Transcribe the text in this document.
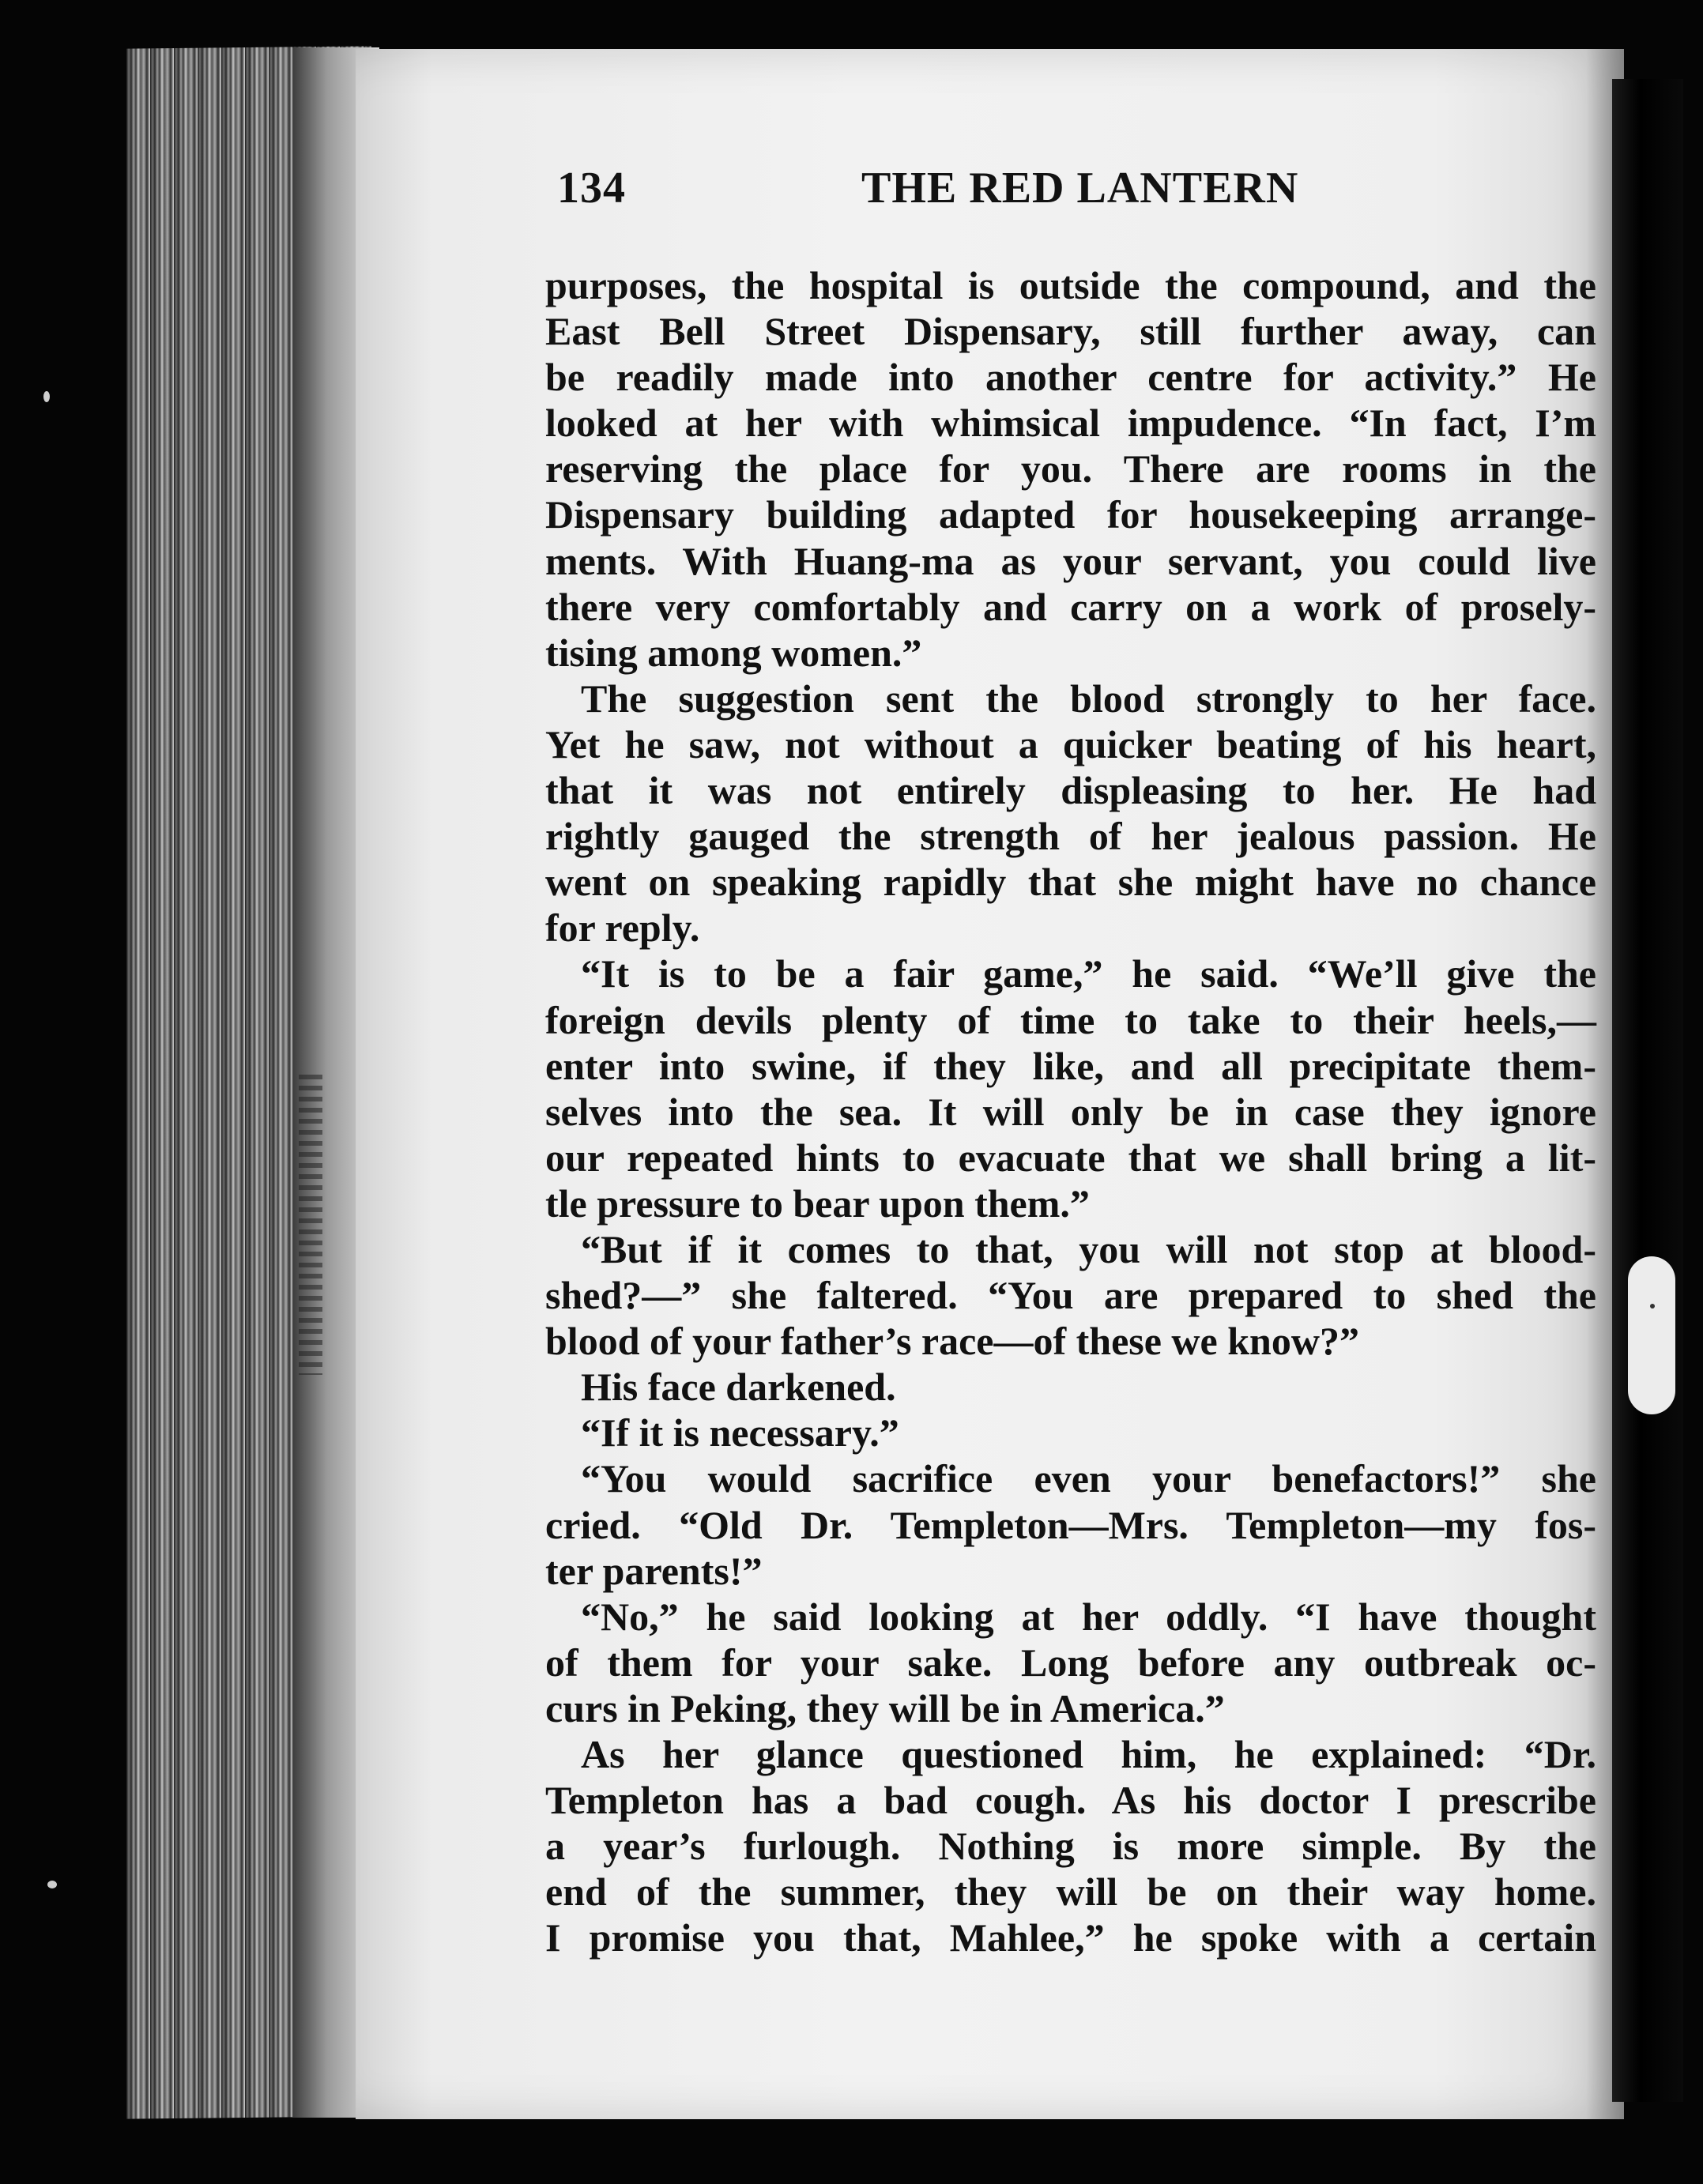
134	THE RED LANTERN
purposes, the hospital is outside the compound, and the
East Bell Street Dispensary, still further away, can
be readily made into another centre for activity.” He
looked at her with whimsical impudence. “In fact, I’m
reserving the place for you. There are rooms in the
Dispensary building adapted for housekeeping arrange-
ments. With Huang-ma as your servant, you could live
there very comfortably and carry on a work of prosely-
tising among women.”
The suggestion sent the blood strongly to her face.
Yet he saw, not without a quicker beating of his heart,
that it was not entirely displeasing to her. He had
rightly gauged the strength of her jealous passion. He
went on speaking rapidly that she might have no chance
for reply.
“It is to be a fair game,” he said. “We’ll give the
foreign devils plenty of time to take to their heels,—
enter into swine, if they like, and all precipitate them-
selves into the sea. It will only be in case they ignore
our repeated hints to evacuate that we shall bring a lit-
tle pressure to bear upon them.”
“But if it comes to that, you will not stop at blood-
shed?—” she faltered. “You are prepared to shed the
blood of your father’s race—of these we know?”
His face darkened.
“If it is necessary.”
“You would sacrifice even your benefactors!” she
cried. “Old Dr. Templeton—Mrs. Templeton—my fos-
ter parents!”
“No,” he said looking at her oddly. “I have thought
of them for your sake. Long before any outbreak oc-
curs in Peking, they will be in America.”
As her glance questioned him, he explained: “Dr.
Templeton has a bad cough. As his doctor I prescribe
a year’s furlough. Nothing is more simple. By the
end of the summer, they will be on their way home.
I promise you that, Mahlee,” he spoke with a certain
